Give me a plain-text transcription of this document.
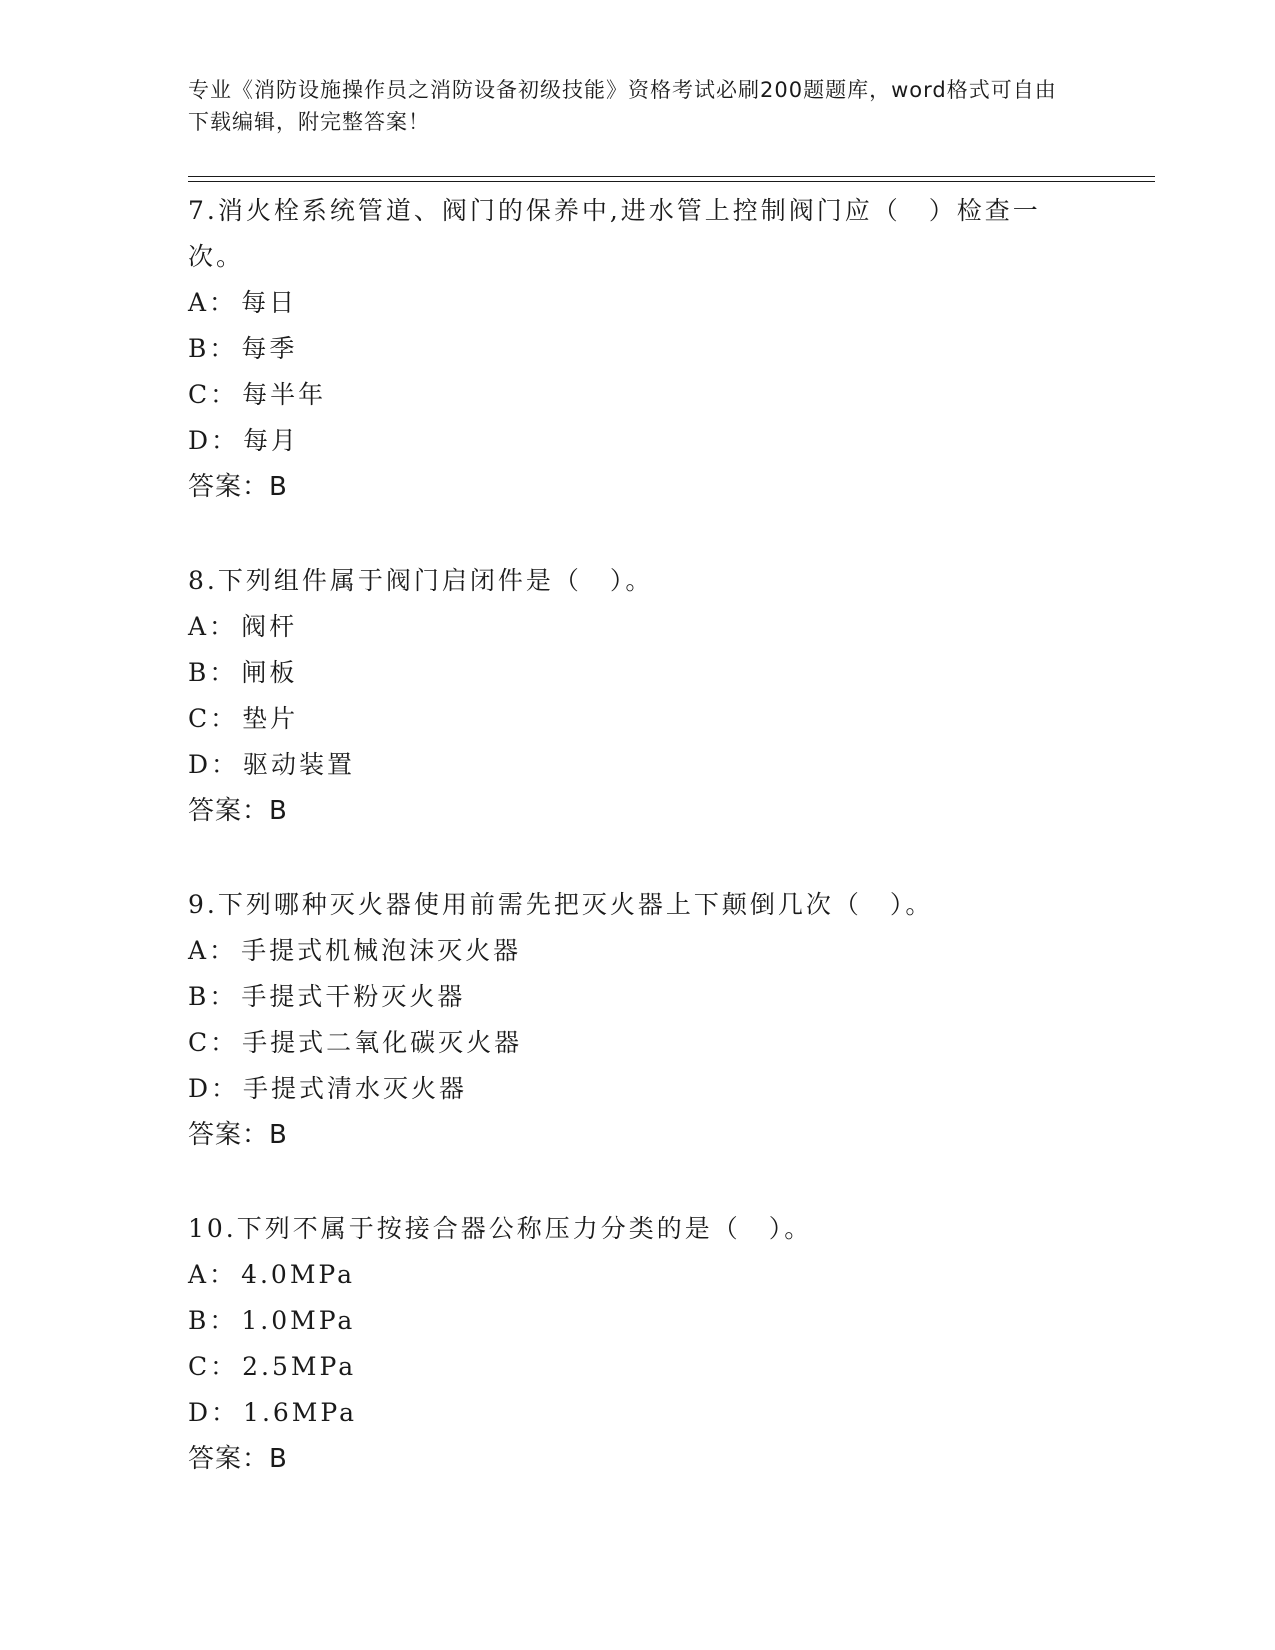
专业《消防设施操作员之消防设备初级技能》资格考试必刷200题题库，word格式可自由下载编辑，附完整答案！
7.消火栓系统管道、阀门的保养中,进水管上控制阀门应（　）检查一次。
A： 每日
B： 每季
C： 每半年
D： 每月
答案：B
8.下列组件属于阀门启闭件是（　）。
A： 阀杆
B： 闸板
C： 垫片
D： 驱动装置
答案：B
9.下列哪种灭火器使用前需先把灭火器上下颠倒几次（　）。
A： 手提式机械泡沫灭火器
B： 手提式干粉灭火器
C： 手提式二氧化碳灭火器
D： 手提式清水灭火器
答案：B
10.下列不属于按接合器公称压力分类的是（　）。
A： 4.0MPa
B： 1.0MPa
C： 2.5MPa
D： 1.6MPa
答案：B
